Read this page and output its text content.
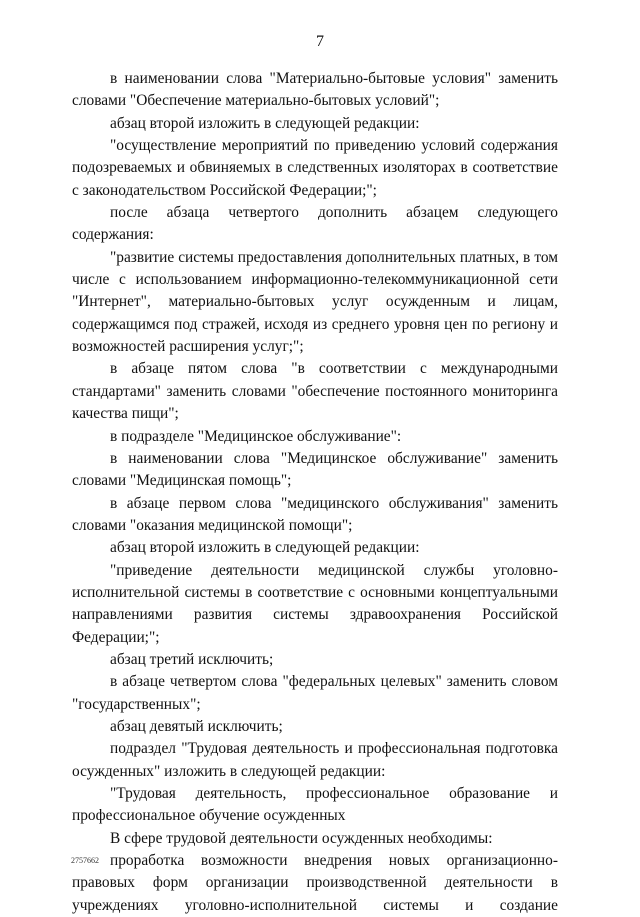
7

в наименовании слова "Материально-бытовые условия" заменить словами "Обеспечение материально-бытовых условий";

абзац второй изложить в следующей редакции:

"осуществление мероприятий по приведению условий содержания подозреваемых и обвиняемых в следственных изоляторах в соответствие с законодательством Российской Федерации;";

после абзаца четвертого дополнить абзацем следующего содержания:

"развитие системы предоставления дополнительных платных, в том числе с использованием информационно-телекоммуникационной сети "Интернет", материально-бытовых услуг осужденным и лицам, содержащимся под стражей, исходя из среднего уровня цен по региону и возможностей расширения услуг;";

в абзаце пятом слова "в соответствии с международными стандартами" заменить словами "обеспечение постоянного мониторинга качества пищи";

в подразделе "Медицинское обслуживание":

в наименовании слова "Медицинское обслуживание" заменить словами "Медицинская помощь";

в абзаце первом слова "медицинского обслуживания" заменить словами "оказания медицинской помощи";

абзац второй изложить в следующей редакции:

"приведение деятельности медицинской службы уголовно-исполнительной системы в соответствие с основными концептуальными направлениями развития системы здравоохранения Российской Федерации;";

абзац третий исключить;

в абзаце четвертом слова "федеральных целевых" заменить словом "государственных";

абзац девятый исключить;

подраздел "Трудовая деятельность и профессиональная подготовка осужденных" изложить в следующей редакции:

"Трудовая деятельность, профессиональное образование и профессиональное обучение осужденных

В сфере трудовой деятельности осужденных необходимы:

проработка возможности внедрения новых организационно-правовых форм организации производственной деятельности в учреждениях уголовно-исполнительной системы и создание

2757662
